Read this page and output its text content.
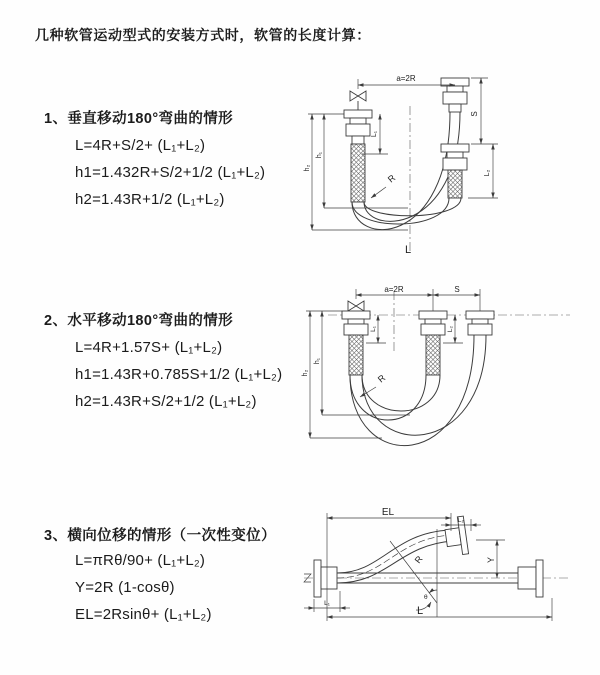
几种软管运动型式的安装方式时，软管的长度计算：
1、垂直移动180°弯曲的情形
L=4R+S/2+ (L₁+L₂)
h1=1.432R+S/2+1/2 (L₁+L₂)
h2=1.43R+1/2 (L₁+L₂)
2、水平移动180°弯曲的情形
L=4R+1.57S+ (L₁+L₂)
h1=1.43R+0.785S+1/2 (L₁+L₂)
h2=1.43R+S/2+1/2 (L₁+L₂)
3、横向位移的情形（一次性变位）
L=πRθ/90+ (L₁+L₂)
Y=2R (1-cosθ)
EL=2Rsinθ+ (L₁+L₂)
a=2R
L₁
h₁
h₂
S
L₂
R
L
a=2R	S
L₁	L₂
h₁
h₂	R
θ
R
EL
L₂
Y
L
L₁
